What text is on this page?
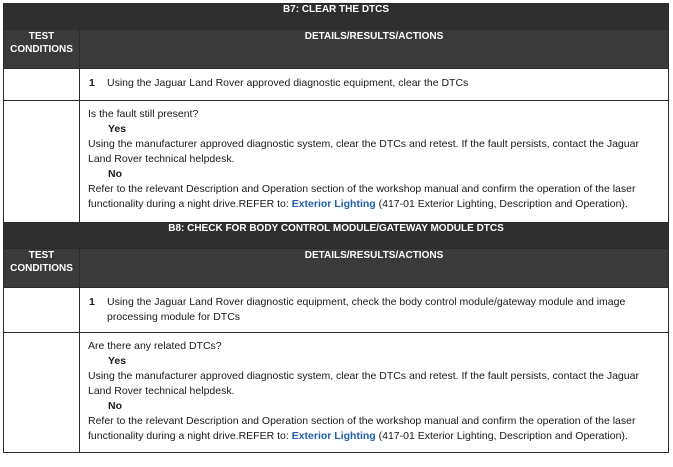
B7: CLEAR THE DTCS	
TEST CONDITIONS	DETAILS/RESULTS/ACTIONS

	1 Using the Jaguar Land Rover approved diagnostic equipment, clear the DTCs

	Is the fault still present?
Yes
Using the manufacturer approved diagnostic system, clear the DTCs and retest. If the fault persists, contact the Jaguar Land Rover technical helpdesk.
No
Refer to the relevant Description and Operation section of the workshop manual and confirm the operation of the laser functionality during a night drive.REFER to: Exterior Lighting (417-01 Exterior Lighting, Description and Operation).
B8: CHECK FOR BODY CONTROL MODULE/GATEWAY MODULE DTCS	
TEST CONDITIONS	DETAILS/RESULTS/ACTIONS

	1 Using the Jaguar Land Rover diagnostic equipment, check the body control module/gateway module and image processing module for DTCs

	Are there any related DTCs?
Yes
Using the manufacturer approved diagnostic system, clear the DTCs and retest. If the fault persists, contact the Jaguar Land Rover technical helpdesk.
No
Refer to the relevant Description and Operation section of the workshop manual and confirm the operation of the laser functionality during a night drive.REFER to: Exterior Lighting (417-01 Exterior Lighting, Description and Operation).
